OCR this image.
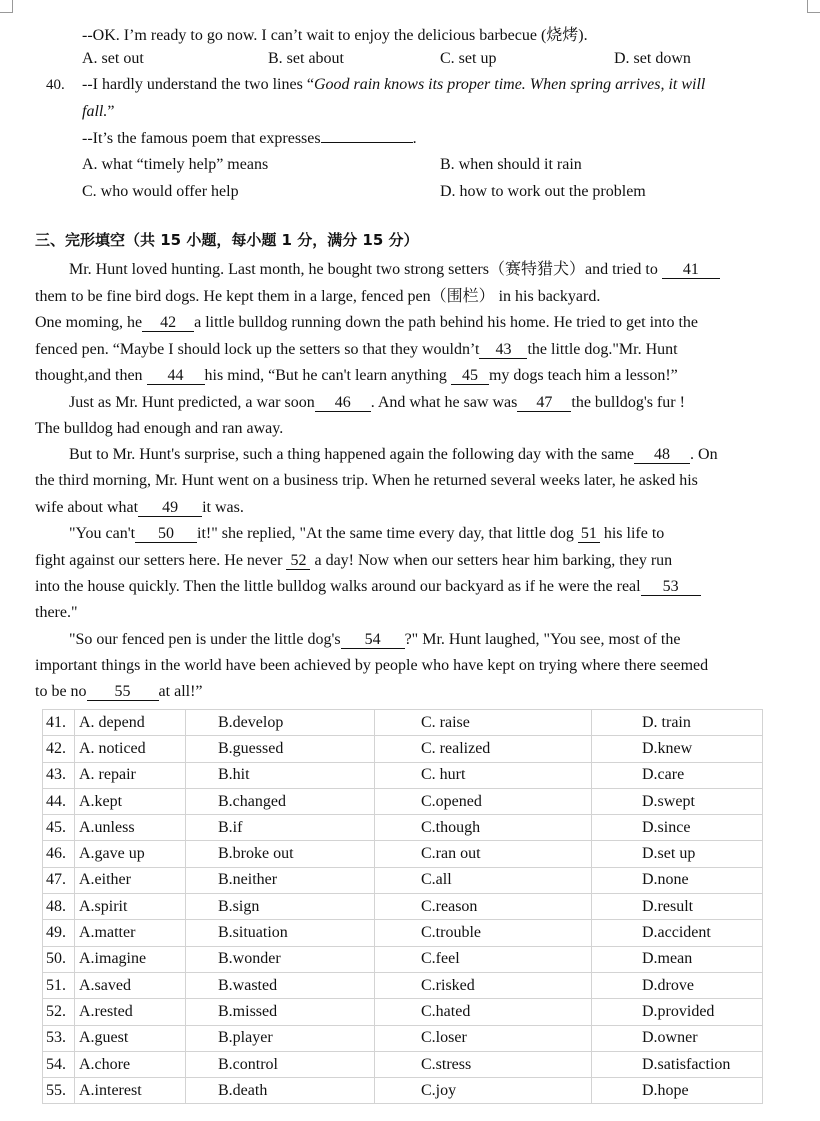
--OK. I’m ready to go now. I can’t wait to enjoy the delicious barbecue (烧烤).
A. set out	B. set about	C. set up	D. set down
40. --I hardly understand the two lines “Good rain knows its proper time. When spring arrives, it will
fall.”
--It’s the famous poem that expresses	.
A. what “timely help” means	B. when should it rain
C. who would offer help	D. how to work out the problem
三、完形填空（共 15 小题，每小题 1 分，满分 15 分）
Mr. Hunt loved hunting. Last month, he bought two strong setters（赛特猎犬）and tried to 41
them to be fine bird dogs. He kept them in a large, fenced pen（围栏） in his backyard.
One moming, he 42 a little bulldog running down the path behind his home. He tried to get into the
fenced pen. “Maybe I should lock up the setters so that they wouldn’t 43 the little dog."Mr. Hunt
thought,and then 44 his mind, “But he can't learn anything 45 my dogs teach him a lesson!”
Just as Mr. Hunt predicted, a war soon 46 . And what he saw was 47 the bulldog's fur !
The bulldog had enough and ran away.
But to Mr. Hunt's surprise, such a thing happened again the following day with the same 48 . On
the third morning, Mr. Hunt went on a business trip. When he returned several weeks later, he asked his
wife about what 49 it was.
"You can't 50 it!" she replied, "At the same time every day, that little dog 51 his life to
fight against our setters here. He never 52 a day! Now when our setters hear him barking, they run
into the house quickly. Then the little bulldog walks around our backyard as if he were the real 53
there."
"So our fenced pen is under the little dog's 54 ?" Mr. Hunt laughed, "You see, most of the
important things in the world have been achieved by people who have kept on trying where there seemed
to be no 55 at all!”
41.	A. depend	B.develop	C. raise	D. train
42.	A. noticed	B.guessed	C. realized	D.knew
43.	A. repair	B.hit	C. hurt	D.care
44.	A.kept	B.changed	C.opened	D.swept
45.	A.unless	B.if	C.though	D.since
46.	A.gave up	B.broke out	C.ran out	D.set up
47.	A.either	B.neither	C.all	D.none
48.	A.spirit	B.sign	C.reason	D.result
49.	A.matter	B.situation	C.trouble	D.accident
50.	A.imagine	B.wonder	C.feel	D.mean
51.	A.saved	B.wasted	C.risked	D.drove
52.	A.rested	B.missed	C.hated	D.provided
53.	A.guest	B.player	C.loser	D.owner
54.	A.chore	B.control	C.stress	D.satisfaction
55.	A.interest	B.death	C.joy	D.hope
